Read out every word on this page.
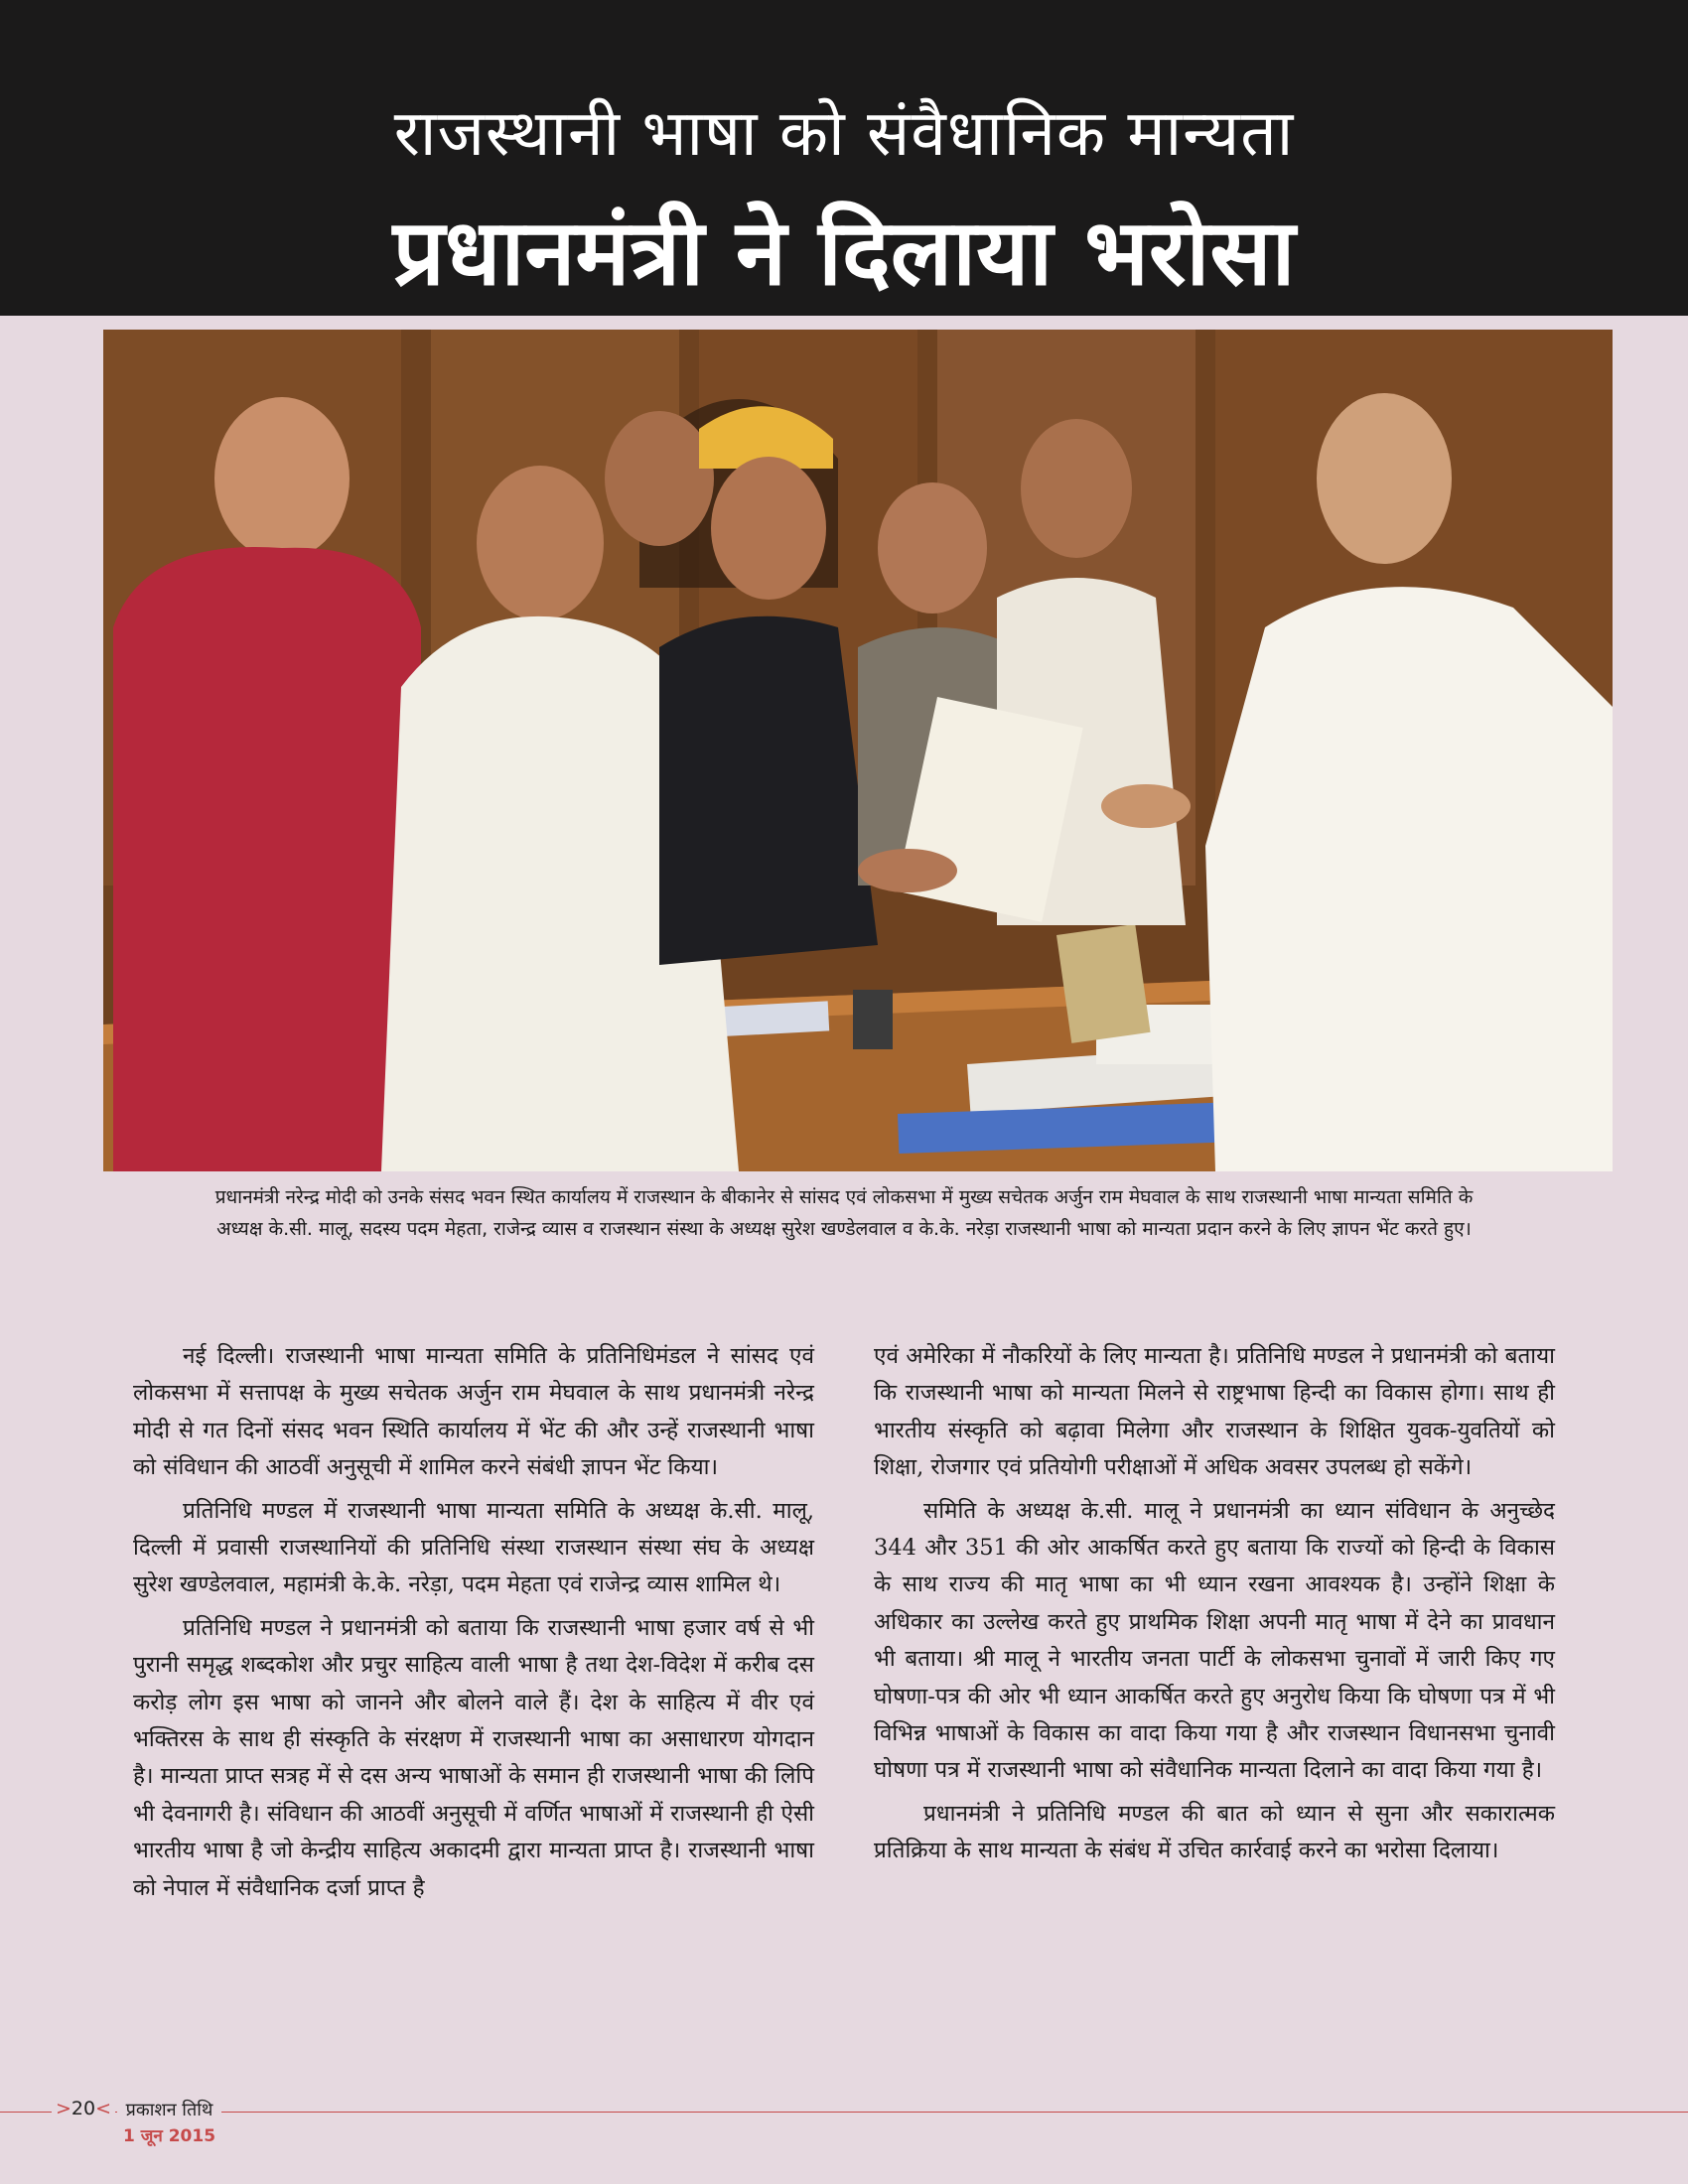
राजस्थानी भाषा को संवैधानिक मान्यता
प्रधानमंत्री ने दिलाया भरोसा
प्रधानमंत्री नरेन्द्र मोदी को उनके संसद भवन स्थित कार्यालय में राजस्थान के बीकानेर से सांसद एवं लोकसभा में मुख्य सचेतक अर्जुन राम मेघवाल के साथ राजस्थानी भाषा मान्यता समिति के अध्यक्ष के.सी. मालू, सदस्य पदम मेहता, राजेन्द्र व्यास व राजस्थान संस्था के अध्यक्ष सुरेश खण्डेलवाल व के.के. नरेड़ा राजस्थानी भाषा को मान्यता प्रदान करने के लिए ज्ञापन भेंट करते हुए।

नई दिल्ली। राजस्थानी भाषा मान्यता समिति के प्रतिनिधिमंडल ने सांसद एवं लोकसभा में सत्तापक्ष के मुख्य सचेतक अर्जुन राम मेघवाल के साथ प्रधानमंत्री नरेन्द्र मोदी से गत दिनों संसद भवन स्थिति कार्यालय में भेंट की और उन्हें राजस्थानी भाषा को संविधान की आठवीं अनुसूची में शामिल करने संबंधी ज्ञापन भेंट किया।

प्रतिनिधि मण्डल में राजस्थानी भाषा मान्यता समिति के अध्यक्ष के.सी. मालू, दिल्ली में प्रवासी राजस्थानियों की प्रतिनिधि संस्था राजस्थान संस्था संघ के अध्यक्ष सुरेश खण्डेलवाल, महामंत्री के.के. नरेड़ा, पदम मेहता एवं राजेन्द्र व्यास शामिल थे।

प्रतिनिधि मण्डल ने प्रधानमंत्री को बताया कि राजस्थानी भाषा हजार वर्ष से भी पुरानी समृद्ध शब्दकोश और प्रचुर साहित्य वाली भाषा है तथा देश-विदेश में करीब दस करोड़ लोग इस भाषा को जानने और बोलने वाले हैं। देश के साहित्य में वीर एवं भक्तिरस के साथ ही संस्कृति के संरक्षण में राजस्थानी भाषा का असाधारण योगदान है। मान्यता प्राप्त सत्रह में से दस अन्य भाषाओं के समान ही राजस्थानी भाषा की लिपि भी देवनागरी है। संविधान की आठवीं अनुसूची में वर्णित भाषाओं में राजस्थानी ही ऐसी भारतीय भाषा है जो केन्द्रीय साहित्य अकादमी द्वारा मान्यता प्राप्त है। राजस्थानी भाषा को नेपाल में संवैधानिक दर्जा प्राप्त है

एवं अमेरिका में नौकरियों के लिए मान्यता है। प्रतिनिधि मण्डल ने प्रधानमंत्री को बताया कि राजस्थानी भाषा को मान्यता मिलने से राष्ट्रभाषा हिन्दी का विकास होगा। साथ ही भारतीय संस्कृति को बढ़ावा मिलेगा और राजस्थान के शिक्षित युवक-युवतियों को शिक्षा, रोजगार एवं प्रतियोगी परीक्षाओं में अधिक अवसर उपलब्ध हो सकेंगे।

समिति के अध्यक्ष के.सी. मालू ने प्रधानमंत्री का ध्यान संविधान के अनुच्छेद 344 और 351 की ओर आकर्षित करते हुए बताया कि राज्यों को हिन्दी के विकास के साथ राज्य की मातृ भाषा का भी ध्यान रखना आवश्यक है। उन्होंने शिक्षा के अधिकार का उल्लेख करते हुए प्राथमिक शिक्षा अपनी मातृ भाषा में देने का प्रावधान भी बताया। श्री मालू ने भारतीय जनता पार्टी के लोकसभा चुनावों में जारी किए गए घोषणा-पत्र की ओर भी ध्यान आकर्षित करते हुए अनुरोध किया कि घोषणा पत्र में भी विभिन्न भाषाओं के विकास का वादा किया गया है और राजस्थान विधानसभा चुनावी घोषणा पत्र में राजस्थानी भाषा को संवैधानिक मान्यता दिलाने का वादा किया गया है।

प्रधानमंत्री ने प्रतिनिधि मण्डल की बात को ध्यान से सुना और सकारात्मक प्रतिक्रिया के साथ मान्यता के संबंध में उचित कार्रवाई करने का भरोसा दिलाया।

>20< प्रकाशन तिथि
1 जून 2015
